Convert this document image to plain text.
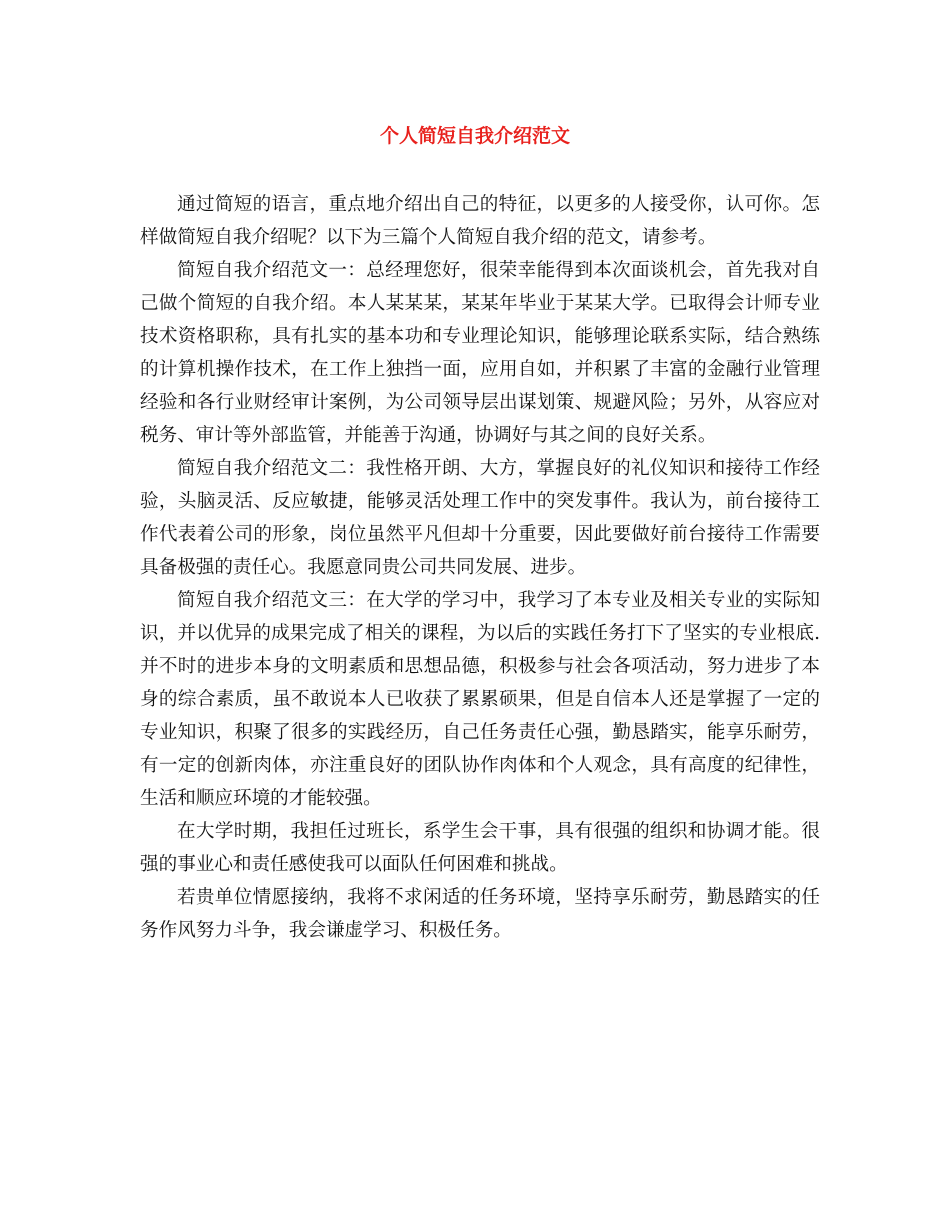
个人简短自我介绍范文

通过简短的语言，重点地介绍出自己的特征，以更多的人接受你，认可你。怎样做简短自我介绍呢？以下为三篇个人简短自我介绍的范文，请参考。

简短自我介绍范文一：总经理您好，很荣幸能得到本次面谈机会，首先我对自己做个简短的自我介绍。本人某某某，某某年毕业于某某大学。已取得会计师专业技术资格职称，具有扎实的基本功和专业理论知识，能够理论联系实际，结合熟练的计算机操作技术，在工作上独挡一面，应用自如，并积累了丰富的金融行业管理经验和各行业财经审计案例，为公司领导层出谋划策、规避风险；另外，从容应对税务、审计等外部监管，并能善于沟通，协调好与其之间的良好关系。

简短自我介绍范文二：我性格开朗、大方，掌握良好的礼仪知识和接待工作经验，头脑灵活、反应敏捷，能够灵活处理工作中的突发事件。我认为，前台接待工作代表着公司的形象，岗位虽然平凡但却十分重要，因此要做好前台接待工作需要具备极强的责任心。我愿意同贵公司共同发展、进步。

简短自我介绍范文三：在大学的学习中，我学习了本专业及相关专业的实际知识，并以优异的成果完成了相关的课程，为以后的实践任务打下了坚实的专业根底.并不时的进步本身的文明素质和思想品德，积极参与社会各项活动，努力进步了本身的综合素质，虽不敢说本人已收获了累累硕果，但是自信本人还是掌握了一定的专业知识，积聚了很多的实践经历，自己任务责任心强，勤恳踏实，能享乐耐劳，有一定的创新肉体，亦注重良好的团队协作肉体和个人观念，具有高度的纪律性，生活和顺应环境的才能较强。

在大学时期，我担任过班长，系学生会干事，具有很强的组织和协调才能。很强的事业心和责任感使我可以面队任何困难和挑战。

若贵单位情愿接纳，我将不求闲适的任务环境，坚持享乐耐劳，勤恳踏实的任务作风努力斗争，我会谦虚学习、积极任务。
